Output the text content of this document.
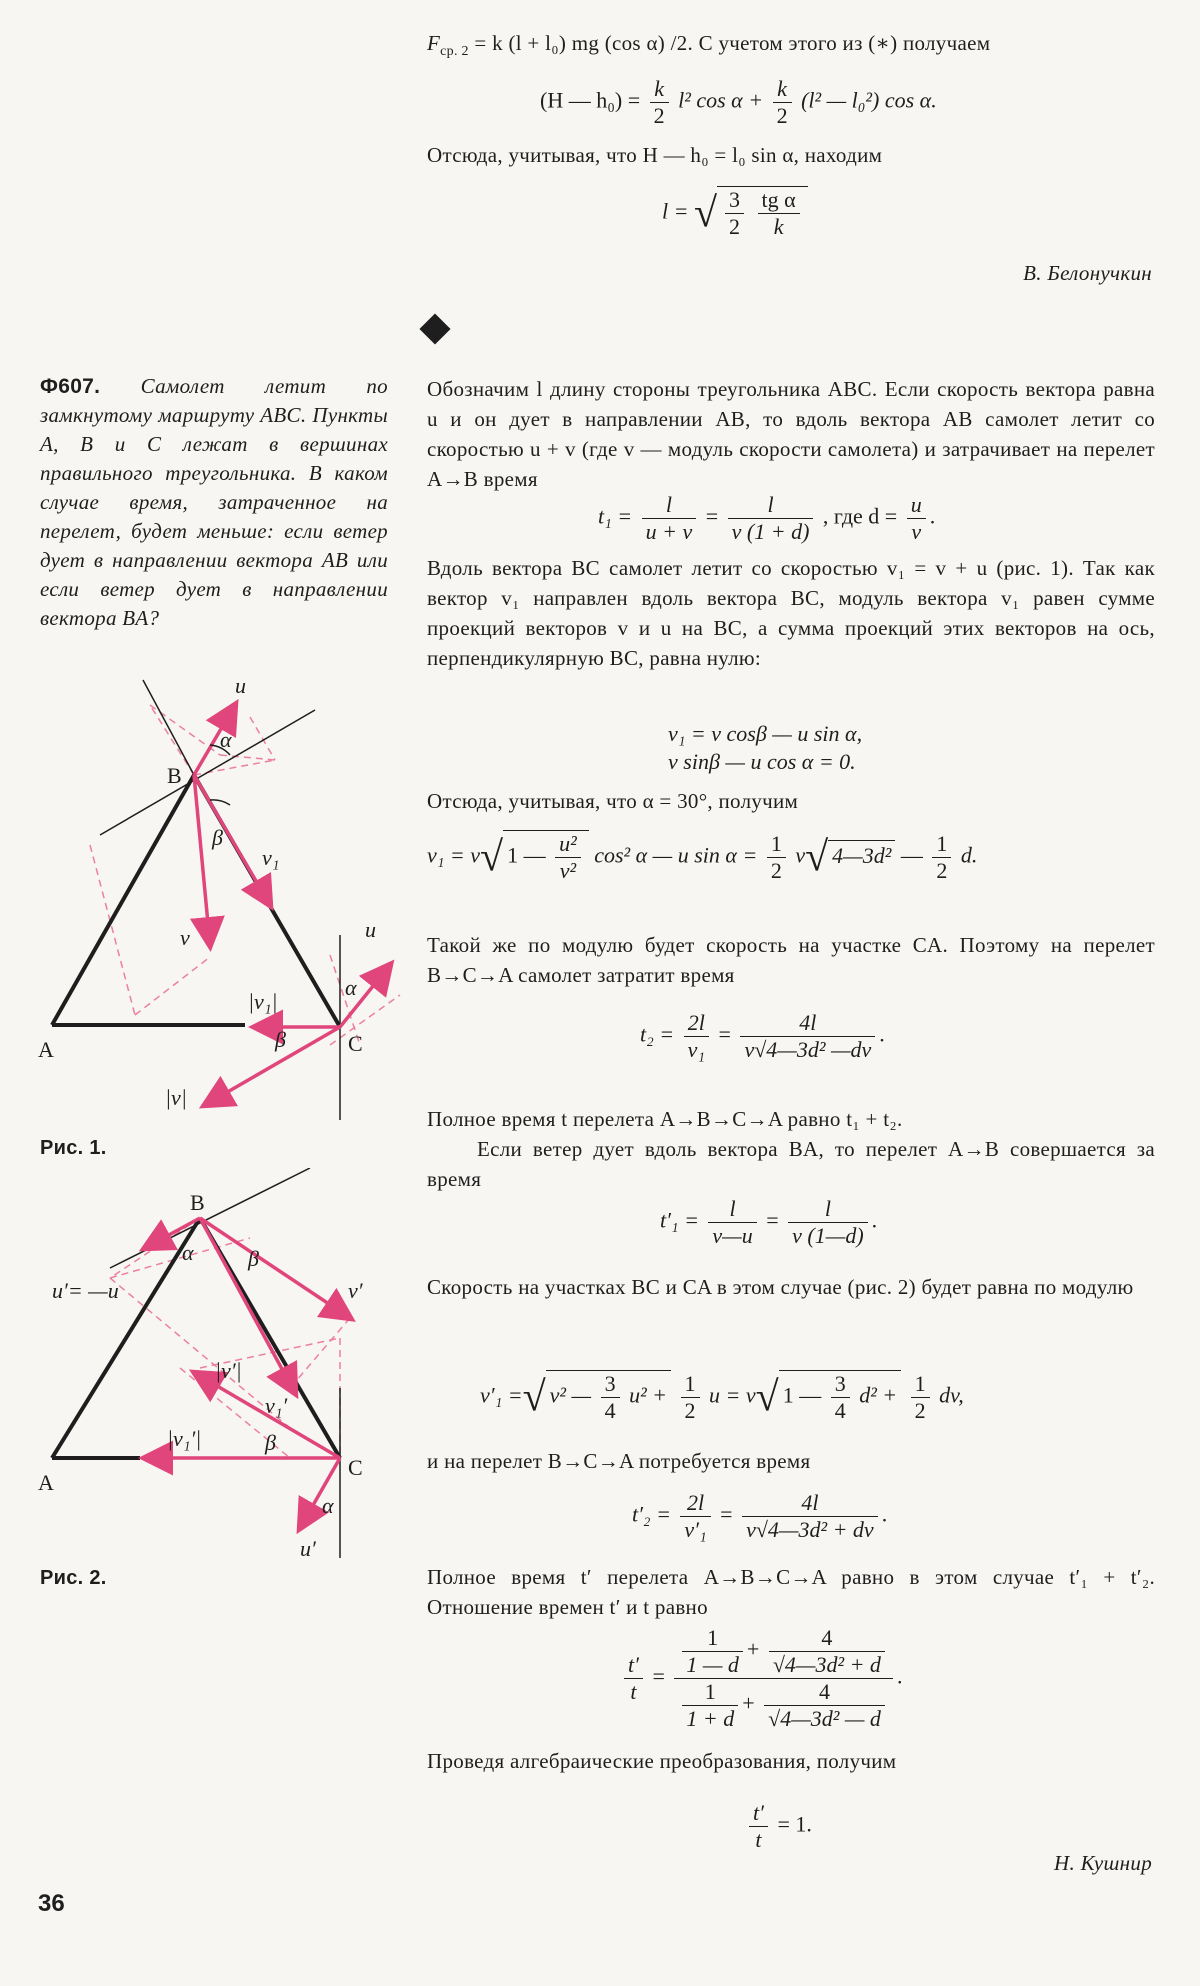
$F_{ср. 2} = k$ (l + l₀) mg (cos α) /2. С учетом этого из (∗) получаем
(H — $h_0) = \frac{k}{2} l^2$ $\cos \alpha + \frac{k}{2} (l^2$ — l₀²) cos α.
Отсюда, учитывая, что H — h₀ = l₀ sin α, находим
l = √ $\frac{3}{2}$
$\frac{\text{tg α}}{k}$
В. Белонучкин
Ф607. Самолет летит по замкнутому маршруту ABC. Пункты A, B и C лежат в вершинах правильного треугольника. В каком случае время, затраченное на перелет, будет меньше: если ветер дует в направлении вектора AB или если ветер дует в направлении вектора BA?
u
α
B
β
v₁
v	u
α
|v₁|
β	C
A
|v|
Рис. 1.
B
α β
v′
u′= —u
|v′|
v₁′
|v₁′|	β
C
A
α
u′
Рис. 2.
Обозначим l длину стороны треугольника ABC. Если скорость вектора равна u и он дует в направлении AB, то вдоль вектора AB самолет летит со скоростью u + v (где v — модуль скорости самолета) и затрачивает на перелет A→B время
$t_1 = \frac{l}{u + v} = \frac{l}{v (1 + d)}$ , где $d = \frac{u}{v}$ .
Вдоль вектора BC самолет летит со скоростью v₁ = v + u (рис. 1). Так как вектор v₁ направлен вдоль вектора BC, модуль вектора v₁ равен сумме проекций векторов v и u на BC, а сумма проекций этих векторов на ось, перпендикулярную BC, равна нулю:
v₁ = v cosβ — u sin α,
v sinβ — u cos α = 0.
Отсюда, учитывая, что α = 30°, получим
v₁ = v√ 1 — $\frac{\text{u²}}{\text{v²}} \cos^2$ α — u $\sin \alpha = \frac{1}{2} v√$ 4—3d² — $\frac{1}{2} d$.
Такой же по модулю будет скорость на участке CA. Поэтому на перелет B→C→A самолет затратит время
$t_2 = \frac{2l}{\text{v₁}} = \frac{4l}{\text{v√4—3d² —dv}}$ .
Полное время t перелета A→B→C→A равно t₁ + t₂.
Если ветер дует вдоль вектора BA, то перелет A→B совершается за время
$t'_1 = \frac{l}{v—u} = \frac{l}{v (1—d)}$ .
Скорость на участках BC и CA в этом случае (рис. 2) будет равна по модулю
v′₁ =√ v² — $\frac{3}{4} u^2 + \frac{1}{2}$ u = v√ 1 — $\frac{3}{4} d^2 + \frac{1}{2}$ dv,
и на перелет B→C→A потребуется время
$t'_2 = \frac{2l}{\text{v′₁}} = \frac{4l}{\text{v√4—3d² + dv}}$ .
Полное время t′ перелета A→B→C→A равно в этом случае t′₁ + t′₂. Отношение времен t′ и t равно
$\frac{t'}{t} = \frac{\frac{1}{1 — d} + \frac{4}{\text{√4—3d² + d}}}{\frac{1}{1 + d} + \frac{4}{\text{√4—3d² — d}}}$ .
Проведя алгебраические преобразования, получим
$\frac{t'}{t} = 1$.
Н. Кушнир
36
